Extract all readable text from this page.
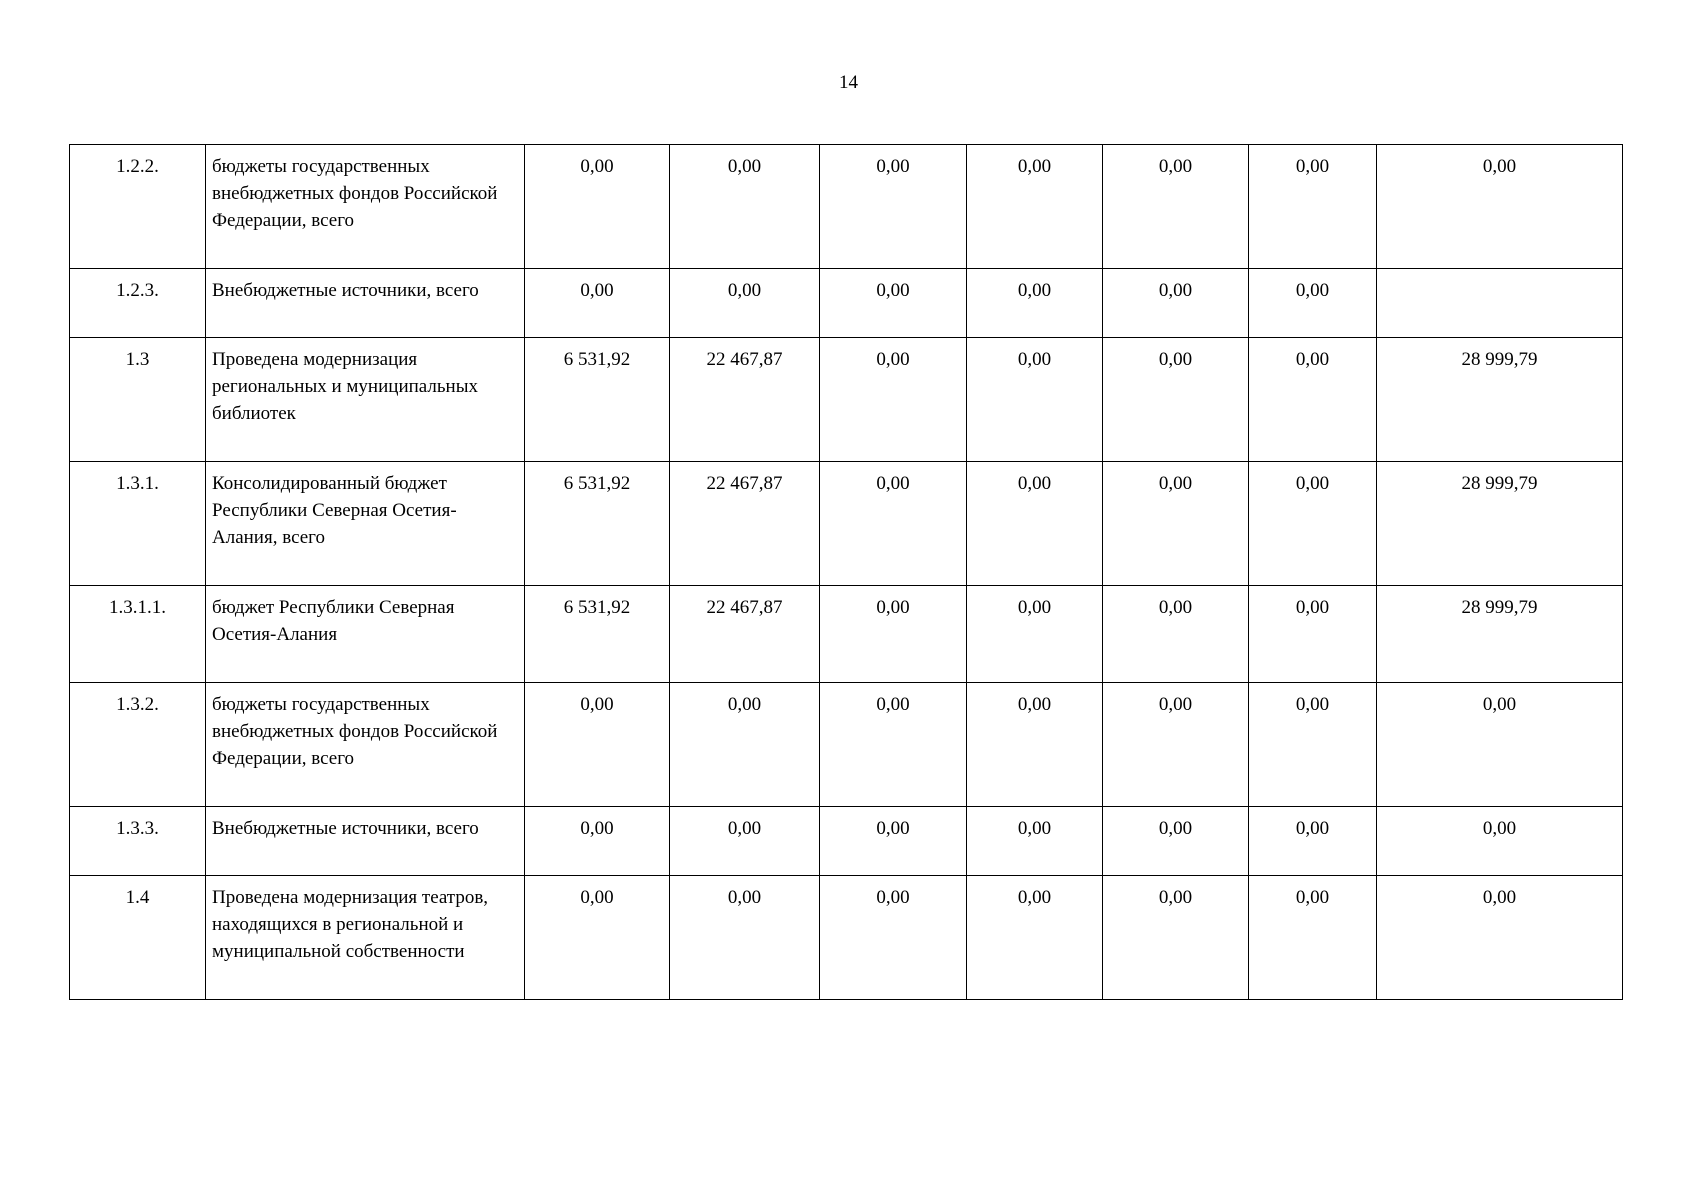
14
1.2.2.	бюджеты государственных внебюджетных фондов Российской Федерации, всего	0,00	0,00	0,00	0,00	0,00	0,00	0,00
1.2.3.	Внебюджетные источники, всего	0,00	0,00	0,00	0,00	0,00	0,00	
1.3	Проведена модернизация региональных и муниципальных библиотек	6 531,92	22 467,87	0,00	0,00	0,00	0,00	28 999,79
1.3.1.	Консолидированный бюджет Республики Северная Осетия-Алания, всего	6 531,92	22 467,87	0,00	0,00	0,00	0,00	28 999,79
1.3.1.1.	бюджет Республики Северная Осетия-Алания	6 531,92	22 467,87	0,00	0,00	0,00	0,00	28 999,79
1.3.2.	бюджеты государственных внебюджетных фондов Российской Федерации, всего	0,00	0,00	0,00	0,00	0,00	0,00	0,00
1.3.3.	Внебюджетные источники, всего	0,00	0,00	0,00	0,00	0,00	0,00	0,00
1.4	Проведена модернизация театров, находящихся в региональной и муниципальной собственности	0,00	0,00	0,00	0,00	0,00	0,00	0,00
